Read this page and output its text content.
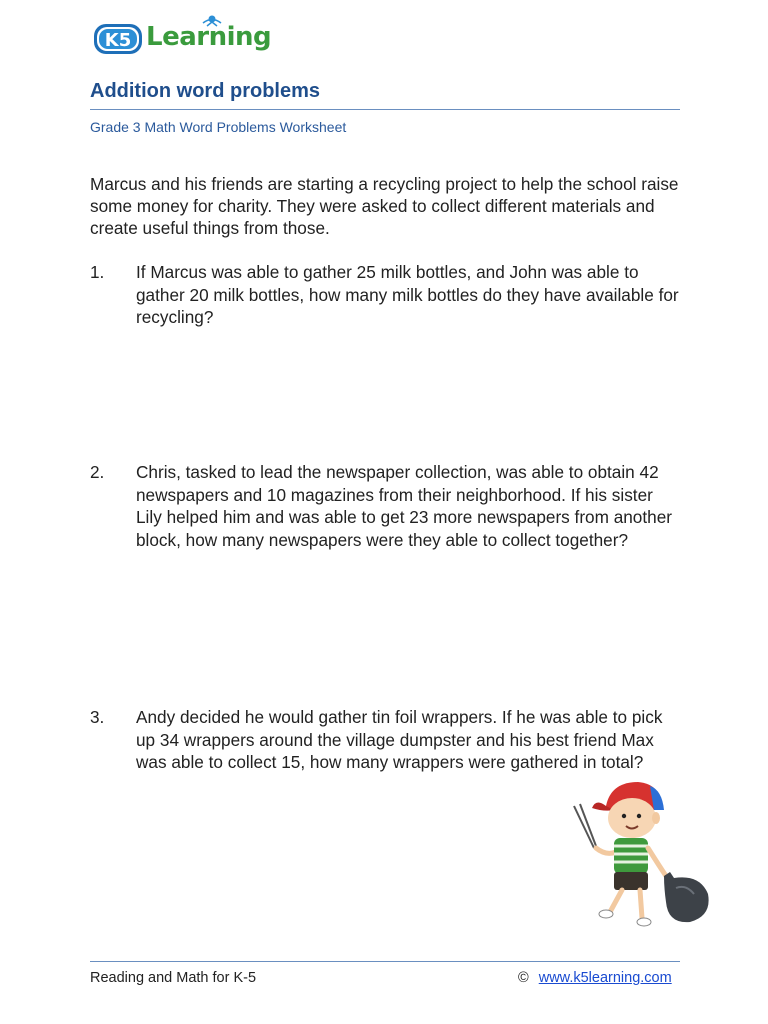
K5 Learning
Addition word problems
Grade 3 Math Word Problems Worksheet
Marcus and his friends are starting a recycling project to help the school raise some money for charity. They were asked to collect different materials and create useful things from those.
1.	If Marcus was able to gather 25 milk bottles, and John was able to gather 20 milk bottles, how many milk bottles do they have available for recycling?
2.	Chris, tasked to lead the newspaper collection, was able to obtain 42 newspapers and 10 magazines from their neighborhood. If his sister Lily helped him and was able to get 23 more newspapers from another block, how many newspapers were they able to collect together?
3.	Andy decided he would gather tin foil wrappers. If he was able to pick up 34 wrappers around the village dumpster and his best friend Max was able to collect 15, how many wrappers were gathered in total?
Reading and Math for K-5	© www.k5learning.com
